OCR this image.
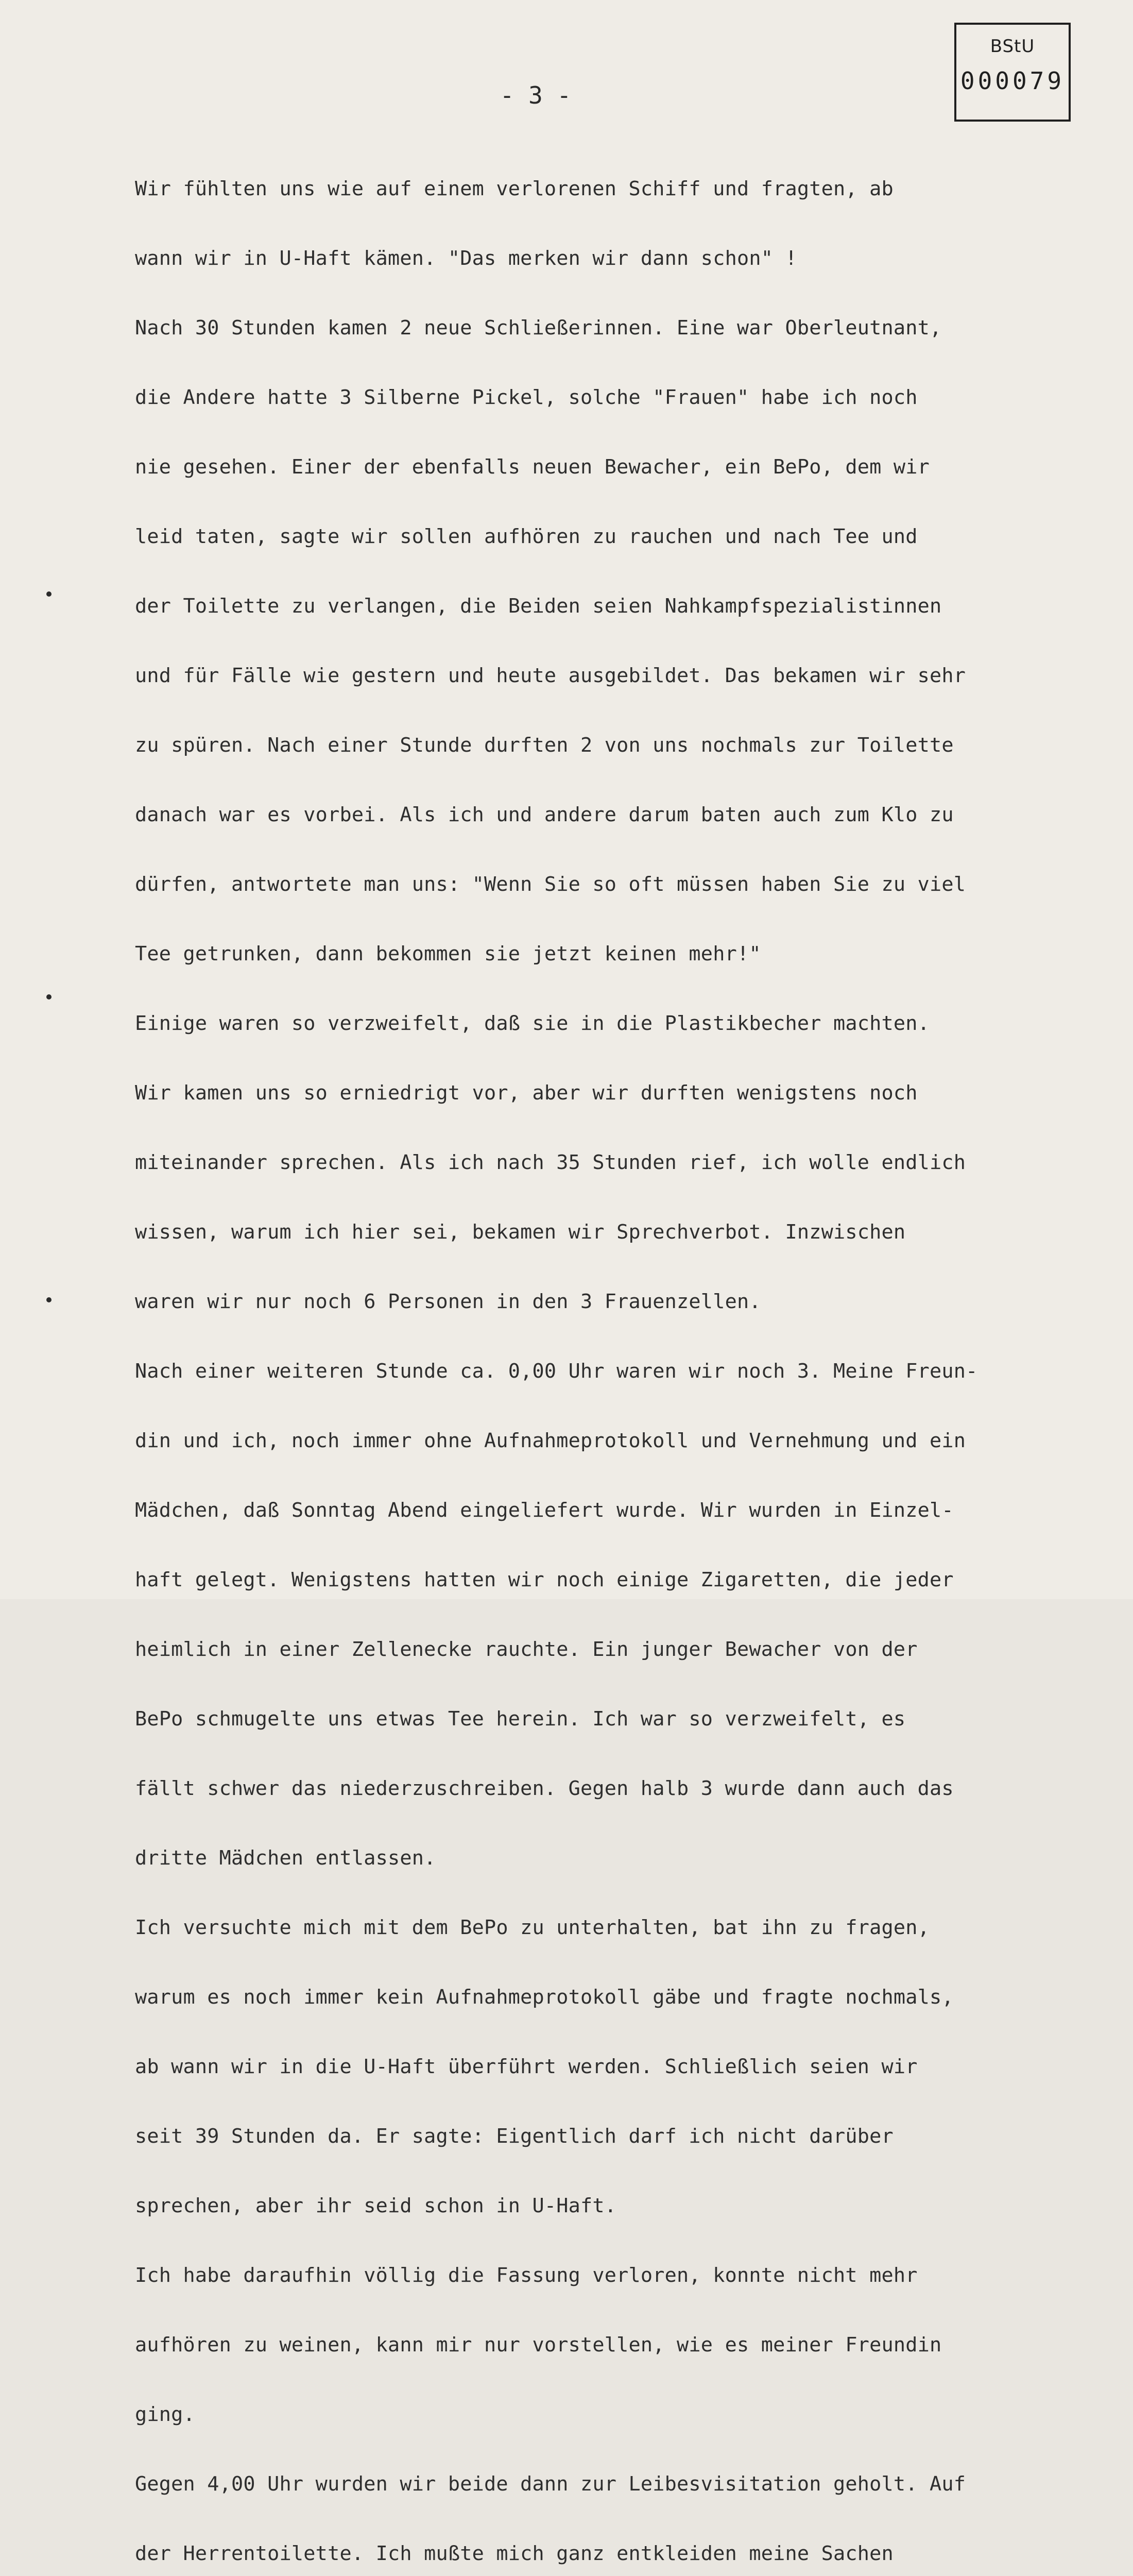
BStU
000079
- 3 -

Wir fühlten uns wie auf einem verlorenen Schiff und fragten, ab

wann wir in U-Haft kämen. "Das merken wir dann schon" !

Nach 30 Stunden kamen 2 neue Schließerinnen. Eine war Oberleutnant,

die Andere hatte 3 Silberne Pickel, solche "Frauen" habe ich noch

nie gesehen. Einer der ebenfalls neuen Bewacher, ein BePo, dem wir

leid taten, sagte wir sollen aufhören zu rauchen und nach Tee und

der Toilette zu verlangen, die Beiden seien Nahkampfspezialistinnen

und für Fälle wie gestern und heute ausgebildet. Das bekamen wir sehr

zu spüren. Nach einer Stunde durften 2 von uns nochmals zur Toilette

danach war es vorbei. Als ich und andere darum baten auch zum Klo zu

dürfen, antwortete man uns: "Wenn Sie so oft müssen haben Sie zu viel

Tee getrunken, dann bekommen sie jetzt keinen mehr!"

Einige waren so verzweifelt, daß sie in die Plastikbecher machten.

Wir kamen uns so erniedrigt vor, aber wir durften wenigstens noch

miteinander sprechen. Als ich nach 35 Stunden rief, ich wolle endlich

wissen, warum ich hier sei, bekamen wir Sprechverbot. Inzwischen

waren wir nur noch 6 Personen in den 3 Frauenzellen.

Nach einer weiteren Stunde ca. 0,00 Uhr waren wir noch 3. Meine Freun-

din und ich, noch immer ohne Aufnahmeprotokoll und Vernehmung und ein

Mädchen, daß Sonntag Abend eingeliefert wurde. Wir wurden in Einzel-

haft gelegt. Wenigstens hatten wir noch einige Zigaretten, die jeder

heimlich in einer Zellenecke rauchte. Ein junger Bewacher von der

BePo schmugelte uns etwas Tee herein. Ich war so verzweifelt, es

fällt schwer das niederzuschreiben. Gegen halb 3 wurde dann auch das

dritte Mädchen entlassen.

Ich versuchte mich mit dem BePo zu unterhalten, bat ihn zu fragen,

warum es noch immer kein Aufnahmeprotokoll gäbe und fragte nochmals,

ab wann wir in die U-Haft überführt werden. Schließlich seien wir

seit 39 Stunden da. Er sagte: Eigentlich darf ich nicht darüber

sprechen, aber ihr seid schon in U-Haft.

Ich habe daraufhin völlig die Fassung verloren, konnte nicht mehr

aufhören zu weinen, kann mir nur vorstellen, wie es meiner Freundin

ging.

Gegen 4,00 Uhr wurden wir beide dann zur Leibesvisitation geholt. Auf

der Herrentoilette. Ich mußte mich ganz entkleiden meine Sachen
